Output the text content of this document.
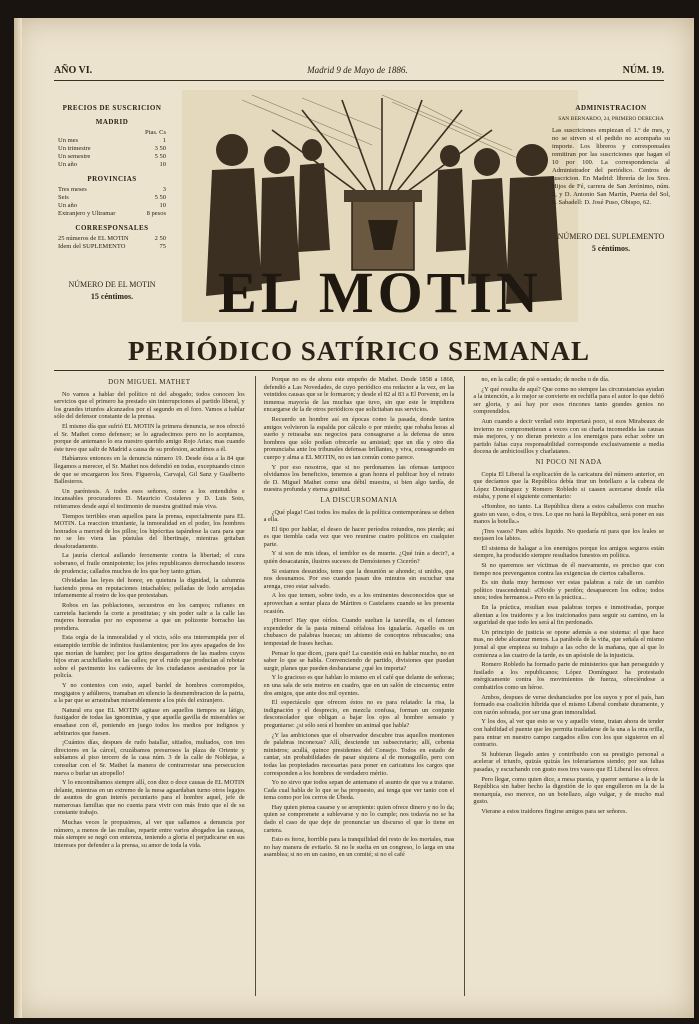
AÑO VI.	Madrid 9 de Mayo de 1886.	NÚM. 19.
PRECIOS DE SUSCRICION
MADRID
Ptas. Cs
Un mes	1
Un trimestre	3 50
Un semestre	5 50
Un año	10
PROVINCIAS
Tres meses	3
Seis	5 50
Un año	10
Extranjero y Ultramar	8 pesos
CORRESPONSALES
25 números de EL MOTIN	2 50
Idem del SUPLEMENTO	75
NÚMERO DE EL MOTIN
15 céntimos.	EL MOTIN
ADMINISTRACION
SAN BERNARDO, 24, PRIMERO DERECHA
Las suscriciones empiezan el 1.º de mes, y no se sirven si el pedido no acompaña su importe. Los libreros y corresponsales remitiran por las suscriciones que hagan el 10 por 100. La correspondencia al Administrador del periódico. Centros de suscricion. En Madrid: librería de los Sres. Hijos de Fé, carrera de San Jerónimo, núm. 2, y D. Antonio San Martín, Puerta del Sol, 6. Sabadell: D. José Puso, Obispo, 62.
NÚMERO DEL SUPLEMENTO
5 céntimos.
PERIÓDICO SATÍRICO SEMANAL
DON MIGUEL MATHET

No vamos a hablar del político ni del abogado; todos conocen los servicios que el primero ha prestado sin interrupciones al partido liberal, y los grandes triunfos alcanzados por el segundo en el foro. Vamos a hablar sólo del defensor constante de la prensa.

El mismo día que sufrió EL MOTIN la primera denuncia, se nos ofreció el Sr. Mathet como defensor; se lo agradecimos pero no lo aceptamos, porque de antemano lo era nuestro querido amigo Rojo Arias; mas cuando éste tuvo que salir de Madrid a causa de su profesion, acudimos a él.

Habíamos entonces en la denuncia número 19. Desde ésta a la 84 que llegamos a merecer, el Sr. Mathet nos defendió en todas, exceptuando cinco de que se encargaron los Sres. Figuerola, Carvajal, Gil Sanz y Gualberto Ballesteros.

Un paréntesis. A todos esos señores, como a los entendidos e incansables procuradores D. Mauricio Costaleres y D. Luis Soto, reiteramos desde aquí el testimonio de nuestra gratitud más viva.

Tiempos terribles eran aquellos para la prensa, especialmente para EL MOTIN. La reaccion triunfante, la inmoralidad en el poder, los hombres honrados a merced de los pillos; los hipócritas tapándose la cara para que no se les viera las pústulas del libertinaje, mientras gritaban desaforadamente.

La jauría clerical aullando ferozmente contra la libertad; el cura soberano, el fraile omnipotente; los jefes republicanos derrochando tesoros de prudencia; callados muchos de los que hoy tanto gritan.

Olvidadas las leyes del honor, en quietura la dignidad, la calumnia haciendo presa en reputaciones intachables; pelladas de lodo arrojadas infamemente al rostro de los que protestaban.

Robos en las poblaciones, secuestros en los campos; rufianes en carretela haciendo la corte a prostitutas; y sin poder salir a la calle las mujeres honradas por no exponerse a que un polizonte borracho las prendiera.

Esta orgía de la inmoralidad y el vicio, sólo era interrumpida por el estampido terrible de infinitos fusilamientos; por los ayes apagados de los que morían de hambre; por los gritos desgarradores de las madres cuyos hijos eran acuchillados en las calles; por el ruido que producían al rebotar sobre el pavimento los cadáveres de los ciudadanos asesinados por la policía.

Y no contentos con esto, aquel bardel de hombres corrompidos, mogigatos y adúlteros, tramaban en silencio la desmembracion de la patria, a la par que se arrastraban miserablemente a los piés del extranjero.

Natural era que EL MOTIN agitase en aquellos tiempos su látigo, fustigador de todas las ignominias, y que aquella gavilla de miserables se ensañase con él, poniendo en juego todos los medios por indignos y arbitrarios que fuesen.

¡Cuántos días, despues de rudo batallar, sitiados, multados, con tres directores en la cárcel, cruzábamos presurosos la plaza de Oriente y subíamos al piso tercero de la casa núm. 3 de la calle de Noblejas, a consultar con el Sr. Mathet la manera de contrarrestar una persecucion nueva o burlar un atropello!

Y lo encontrábamos siempre allí, con diez o doce causas de EL MOTIN delante, mientras en un extremo de la mesa aguardaban turno otros legajos de asuntos de gran interés pecuniario para el hombre aquel, jefe de numerosas familias que no cuenta para vivir con más fruto que el de su constante trabajo.

Muchas veces le propusimos, al ver que sallamos a denuncia por número, a menos de las multas, repartir entre varios abogados las causas, más siempre se negó con entereza, teniendo a gloria el perjudicarse en sus intereses por defender a la prensa, su amor de toda la vida.

Porque no es de ahora este empeño de Mathet. Desde 1858 a 1868, defendió a Las Novedades, de cuyo periódico era redactor a la vez, en las veintidos causas que se le formaron; y desde el 82 al 83 a El Porvenir, en la inmensa mayoría de las muchas que tuvo, sin que este le impidiera encargarse de la de otros periódicos que solicitaban sus servicios.

Recuerdo un hombre así en épocas como la pasada, donde tantos amigos volvieron la espalda por cálculo o por miedo; que robaba horas al sueño y retrasaba sus negocios para consagrarse a la defensa de unos hombres que sólo podían ofrecerle su amistad; que un día y otro día pronunciaba ante los tribunales defensas brillantes, y viva, consagrando en cuerpo y alma a EL MOTIN, no es tan común como parece.

Y por eso nosotros, que si no perdonamos las ofensas tampoco olvidamos los beneficios, tenemos a gran honra el publicar hoy el retrato de D. Miguel Mathet como una débil muestra, si bien algo tardía, de nuestra profunda y eterna gratitud.

LA DISCURSOMANIA

¿Qué plaga! Casi todos los males de la política contemporánea se deben a ella.

El tipo por hablar, el deseo de hacer períodos rotundos, nos pierde; así es que tiembla cada vez que veo reunirse cuatro políticos en cualquier parte.

Y si son de mis ideas, el temblor es de muerte. ¿Qué irán a decir?, a quién desacatarán, ilustres sucesos de Demóstenes y Cicerón?

Si estamos desunidos, temo que la desunión se ahonde; si unidos, que nos desunamos. Por eso cuando pasan dos minutos sin escuchar una arenga, creo estar salvado.

A los que temen, sobre todo, es a los eminentes desconocidos que se aprovechan a sentar plaza de Mártires o Castelares cuando se les presenta ocasión.

¡Horror! Hay que oírlos. Cuando sueltan la taravilla, es el famoso expendedor de la pasta mineral céfalosa los igualaría. Aquello es un chubasco de palabras huecas; un abismo de conceptos rebuscados; una tempestad de frases hechas.

Pensar lo que dicen, ¡para qué! La cuestión está en hablar mucho, no en saber lo que se habla. Convenciendo de partido, divisiones que puedan surgir, planes que pueden desbaratarse ¿qué les importa?

Y lo gracioso es que hablan lo mismo en el café que delante de señoras; en una sala de seis metros en cuadro, que en un salón de cincuenta; entre dos amigos, que ante dos mil oyentes.

El espectáculo que ofrecen éstos no es para relatado: la risa, la indignación y el desprecio, en mezcla confusa, forman un conjunto desconsolador que obligan a bajar los ojos al hombre sensato y preguntarse: ¿si sólo será el hombre un animal que habla?

¿Y las ambiciones que el observador descubre tras aquellos montones de palabras inconexas? Allí, desciende un subsecretario; allí, cebenta ministros; acullá, quince presidentes del Consejo. Todos en estado de cantar, sin probabilidades de pasar siquiera al de monaguillo, pero con todas las propiedades necesarias para poner en caricatura los cargos que corresponden a los hombres de verdadero mérito.

Yo no sirvo que todos sepan de antemano el asunto de que va a tratarse. Cada cual habla de lo que se ha propuesto, así tenga que ver tanto con el tema como por los cerros de Úbeda.

Hay quien piensa casarse y se arrepiente: quien ofrece dinero y no lo da; quien se compromete a sublevarse y no lo cumple; nos todavía no se ha dado el caso de que deje de pronunciar un discurso el que lo tiene en cartera.

Esto es feroz, horrible para la tranquilidad del resto de los mortales, mas no hay manera de evitarlo. Si no le suelta en un congreso, lo larga en una asamblea; si no en un casino, en un comité; si no el café

no, en la calle; de pié o sentado; de noche o de día.

¿Y qué resulta de aquí? Que como no siempre las circunstancias ayudan a la intención, a lo mejor se convierte en rechifla para el autor lo que debió ser gloria, y así hay por esos rincones tanto grandes genios no comprendidos.

Aun cuando a decir verdad esto importará poco, si esos Mirabeaux de invierno no comprometieran a veces con su charla incomedida las causas más mejores, y no dieran pretexto a los enemigos para echar sobre un partido faltas cuya responsabilidad corresponde exclusivamente a media docena de ambiciosillos y charlatanes.

NI POCO NI NADA

Copia El Liberal la explicación de la caricatura del número anterior, en que decíamos que la República debía tirar un botellazo a la cabeza de López Domínguez y Romero Robledo si caasen acercarse donde ella estaba, y pone el siguiente comentario:

«Hombre, no tanto. La República diera a estos caballeros con mucho gusto un vaso, o dos, o tres. Lo que no hará la República, será poner en sus manos la botella.»

¡Tres vasos? Pues adiós liquido. No quedaría ni para que los leales se mojasen los labios.

El sistema de halagar a los enemigos porque los amigos seguros están siempre, ha producido siempre resultados funestos en política.

Si no queremos ser víctimas de él nuevamente, es preciso que con tiempo nos prevengamos contra las exigencias de ciertos caballeros.

Es sin duda muy hermoso ver estas palabras a raíz de un cambio político trascendental: «Olvido y perdón; desaparecen los odios; todos unos; todos hermanos.» Pero en la práctica...

En la práctica, resultan esas palabras torpes e inmotivadas, porque alientan a los traidores y a los traicionados para seguir su camino, en la seguridad de que todo les será al fin perdonado.

Un principio de justicia se opone además a ese sistema: el que hace mas, no debe alcanzar menos. La parábola de la viña, que señala el mismo jornal al que empieza su trabajo a las ocho de la mañana, que al que lo comienza a las cuatro de la tarde, es un apóstole de la injusticia.

Romero Robledo ha formado parte de ministerios que han perseguido y fusilado a los republicanos; López Domínguez ha protestado enérgicamente contra los movimientos de fuerza, ofreciéndose a combatirlos como un héroe.

Ambos, despues de verse deshanciados por los suyos y por el país, han formado esa coalición híbrida que el mismo Liberal combate duramente, y con razón sobrada, por ser una gran inmoralidad.

Y los dos, al ver que esto se va y aquello viene, tratan ahora de tender con habilidad el puente que les permita trasladarse de la una a la otra orilla, para entrar en nuestro campo cargados ellos con los que siguieron en el contrario.

Si hubieran llegado antes y contribuido con su prestigio personal a acelerar el triunfo, quizás quizás les toleraríamos siendo; por sus faltas pasadas, y escuchando con gusto esos tres vasos que El Liberal les ofrece.

Pero llegar, como quien dice, a mesa puesta, y querer sentarse a la de la República sin haber hecho la digestión de lo que engulleron en la de la monarquía, eso merece, no un botellazo, algo vulgar, y de mucho mal gusto.

Vierane a estos traidores fingirse amigos para ser señores.
